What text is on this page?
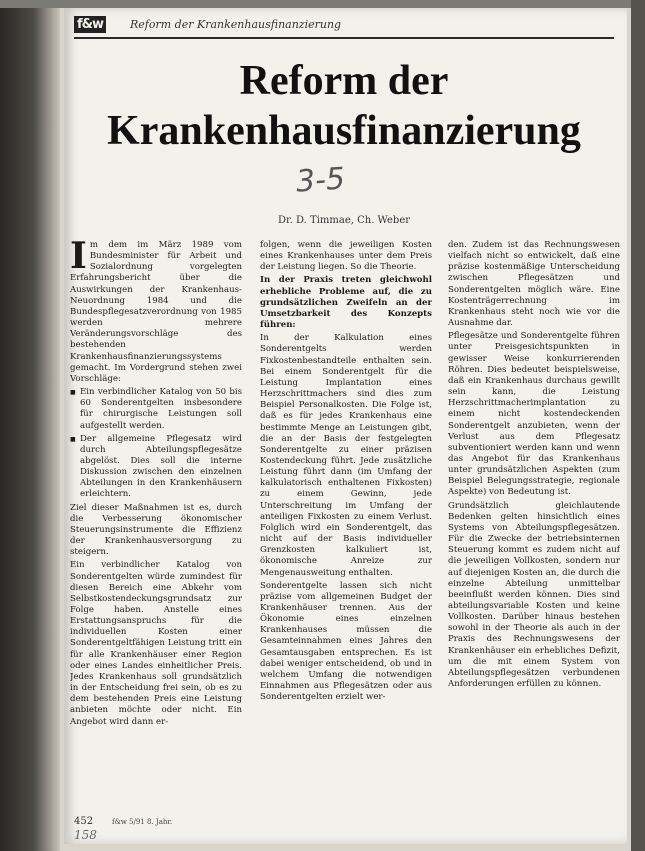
f&w Reform der Krankenhausfinanzierung
Reform der
Krankenhausfinanzierung
3-5
Dr. D. Timmae, Ch. Weber

Im dem im März 1989 vom Bundesminister für Arbeit und Sozialordnung vorgelegten Erfahrungsbericht über die Auswirkungen der Krankenhaus-Neuordnung 1984 und die Bundespflegesatzverordnung von 1985 werden mehrere Veränderungsvorschläge des bestehenden Krankenhausfinanzierungssystems gemacht. Im Vordergrund stehen zwei Vorschläge:

■ Ein verbindlicher Katalog von 50 bis 60 Sonderentgelten insbesondere für chirurgische Leistungen soll aufgestellt werden.

■ Der allgemeine Pflegesatz wird durch Abteilungspflegesätze abgelöst. Dies soll die interne Diskussion zwischen den einzelnen Abteilungen in den Krankenhäusern erleichtern.

Ziel dieser Maßnahmen ist es, durch die Verbesserung ökonomischer Steuerungsinstrumente die Effizienz der Krankenhausversorgung zu steigern.

Ein verbindlicher Katalog von Sonderentgelten würde zumindest für diesen Bereich eine Abkehr vom Selbstkostendeckungsgrundsatz zur Folge haben. Anstelle eines Erstattungsanspruchs für die individuellen Kosten einer Sonderentgeltfähigen Leistung tritt ein für alle Krankenhäuser einer Region oder eines Landes einheitlicher Preis. Jedes Krankenhaus soll grundsätzlich in der Entscheidung frei sein, ob es zu dem bestehenden Preis eine Leistung anbieten möchte oder nicht. Ein Angebot wird dann er-

folgen, wenn die jeweiligen Kosten eines Krankenhauses unter dem Preis der Leistung liegen. So die Theorie.

In der Praxis treten gleichwohl erhebliche Probleme auf, die zu grundsätzlichen Zweifeln an der Umsetzbarkeit des Konzepts führen:

In der Kalkulation eines Sonderentgelts werden Fixkostenbestandteile enthalten sein. Bei einem Sonderentgelt für die Leistung Implantation eines Herzschrittmachers sind dies zum Beispiel Personalkosten. Die Folge ist, daß es für jedes Krankenhaus eine bestimmte Menge an Leistungen gibt, die an der Basis der festgelegten Sonderentgelte zu einer präzisen Kostendeckung führt. Jede zusätzliche Leistung führt dann (im Umfang der kalkulatorisch enthaltenen Fixkosten) zu einem Gewinn, jede Unterschreitung im Umfang der anteiligen Fixkosten zu einem Verlust. Folglich wird ein Sonderentgelt, das nicht auf der Basis individueller Grenzkosten kalkuliert ist, ökonomische Anreize zur Mengenausweitung enthalten.

Sonderentgelte lassen sich nicht präzise vom allgemeinen Budget der Krankenhäuser trennen. Aus der Ökonomie eines einzelnen Krankenhauses müssen die Gesamteinnahmen eines Jahres den Gesamtausgaben entsprechen. Es ist dabei weniger entscheidend, ob und in welchem Umfang die notwendigen Einnahmen aus Pflegesätzen oder aus Sonderentgelten erzielt wer-

den. Zudem ist das Rechnungswesen vielfach nicht so entwickelt, daß eine präzise kostenmäßige Unterscheidung zwischen Pflegesätzen und Sonderentgelten möglich wäre. Eine Kostenträgerrechnung im Krankenhaus steht noch wie vor die Ausnahme dar.

Pflegesätze und Sonderentgelte führen unter Preisgesichtspunkten in gewisser Weise konkurrierenden Röhren. Dies bedeutet beispielsweise, daß ein Krankenhaus durchaus gewillt sein kann, die Leistung Herzschrittmacherimplantation zu einem nicht kostendeckenden Sonderentgelt anzubieten, wenn der Verlust aus dem Pflegesatz subventioniert werden kann und wenn das Angebot für das Krankenhaus unter grundsätzlichen Aspekten (zum Beispiel Belegungsstrategie, regionale Aspekte) von Bedeutung ist.

Grundsätzlich gleichlautende Bedenken gelten hinsichtlich eines Systems von Abteilungspflegesätzen. Für die Zwecke der betriebsinternen Steuerung kommt es zudem nicht auf die jeweiligen Vollkosten, sondern nur auf diejenigen Kosten an, die durch die einzelne Abteilung unmittelbar beeinflußt werden können. Dies sind abteilungsvariable Kosten und keine Vollkosten. Darüber hinaus bestehen sowohl in der Theorie als auch in der Praxis des Rechnungswesens der Krankenhäuser ein erhebliches Defizit, um die mit einem System von Abteilungspflegesätzen verbundenen Anforderungen erfüllen zu können.

452
158
f&w 5/91 8. Jahr.
